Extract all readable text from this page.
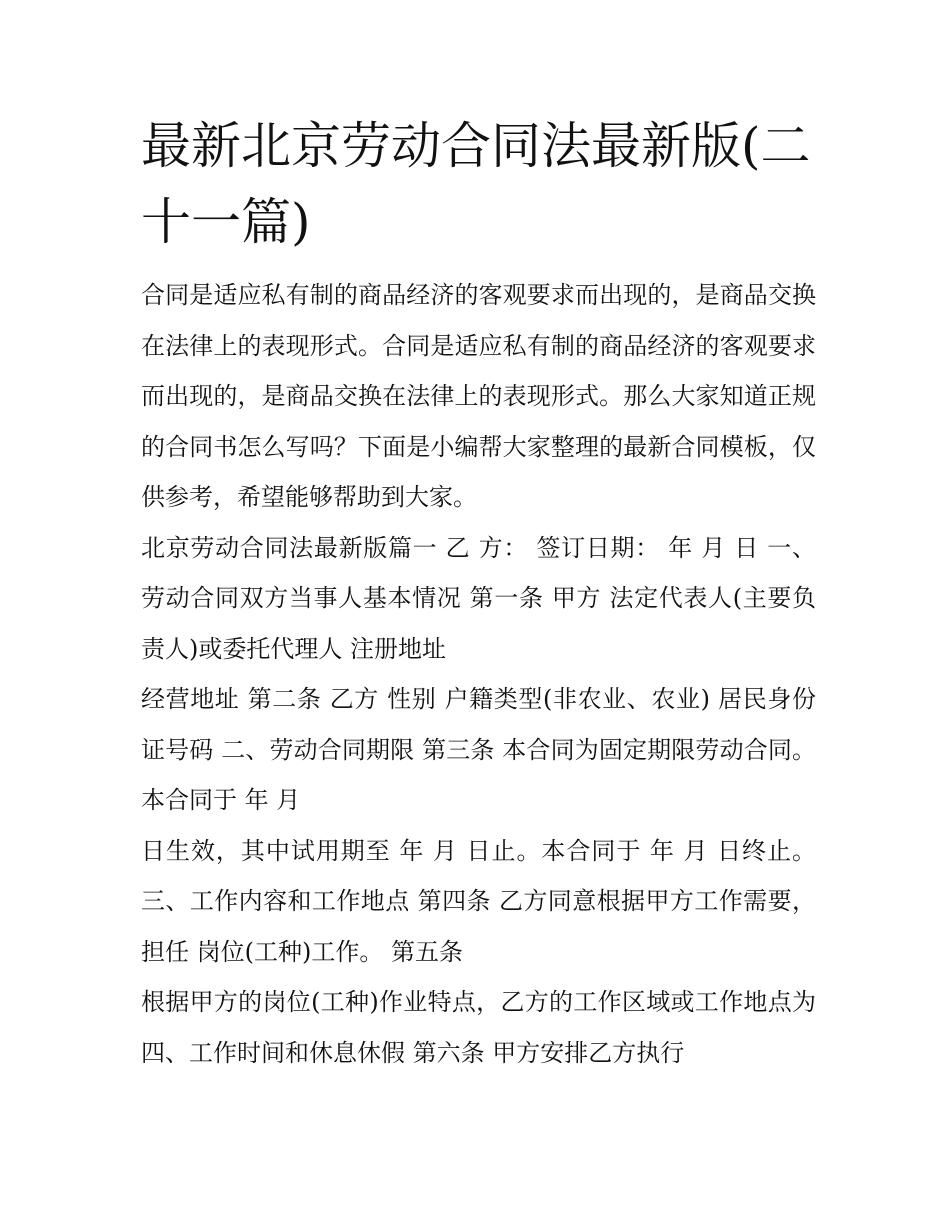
最新北京劳动合同法最新版(二十一篇)

合同是适应私有制的商品经济的客观要求而出现的，是商品交换在法律上的表现形式。合同是适应私有制的商品经济的客观要求而出现的，是商品交换在法律上的表现形式。那么大家知道正规的合同书怎么写吗？下面是小编帮大家整理的最新合同模板，仅供参考，希望能够帮助到大家。

北京劳动合同法最新版篇一 乙 方： 签订日期： 年 月 日 一、劳动合同双方当事人基本情况 第一条 甲方 法定代表人(主要负责人)或委托代理人 注册地址

经营地址 第二条 乙方 性别 户籍类型(非农业、农业) 居民身份证号码 二、劳动合同期限 第三条 本合同为固定期限劳动合同。 本合同于 年 月

日生效，其中试用期至 年 月 日止。本合同于 年 月 日终止。三、工作内容和工作地点 第四条 乙方同意根据甲方工作需要，担任 岗位(工种)工作。 第五条

根据甲方的岗位(工种)作业特点，乙方的工作区域或工作地点为 四、工作时间和休息休假 第六条 甲方安排乙方执行
